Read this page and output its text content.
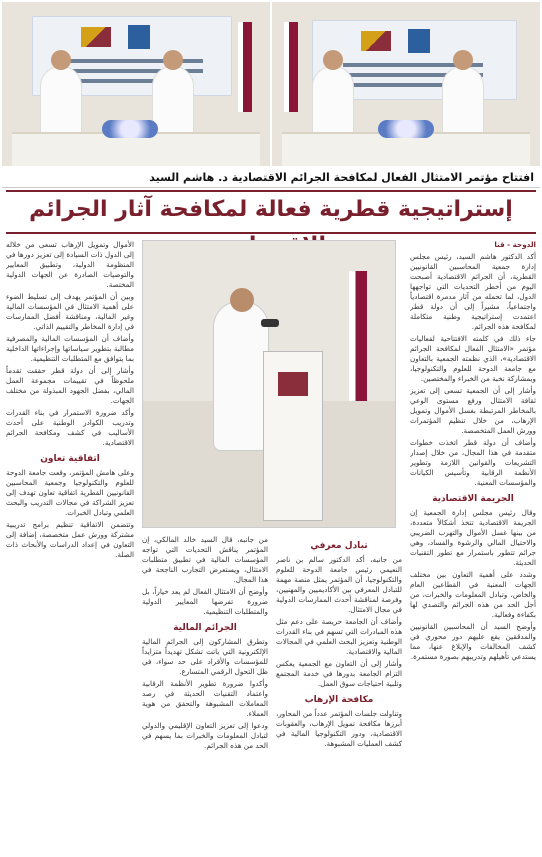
افتتاح مؤتمر الامتثال الفعال لمكافحة الجرائم الاقتصادية د. هاشم السيد
إستراتيجية قطرية فعالة لمكافحة آثار الجرائم

الدوحة - قنا

أكد الدكتور هاشم السيد، رئيس مجلس إدارة جمعية المحاسبين القانونيين القطرية، أن الجرائم الاقتصادية أصبحت اليوم من أخطر التحديات التي تواجهها الدول، لما تحمله من آثار مدمرة اقتصادياً واجتماعياً، مشيراً إلى أن دولة قطر اعتمدت إستراتيجية وطنية متكاملة لمكافحة هذه الجرائم.

جاء ذلك في كلمته الافتتاحية لفعاليات مؤتمر «الامتثال الفعال لمكافحة الجرائم الاقتصادية»، الذي نظمته الجمعية بالتعاون مع جامعة الدوحة للعلوم والتكنولوجيا، وبمشاركة نخبة من الخبراء والمختصين.

وأشار إلى أن الجمعية تسعى إلى تعزيز ثقافة الامتثال ورفع مستوى الوعي بالمخاطر المرتبطة بغسل الأموال وتمويل الإرهاب، من خلال تنظيم المؤتمرات وورش العمل المتخصصة.

وأضاف أن دولة قطر اتخذت خطوات متقدمة في هذا المجال، من خلال إصدار التشريعات والقوانين اللازمة وتطوير الأنظمة الرقابية وتأسيس الكيانات والمؤسسات المعنية.

الجريمة الاقتصادية

وقال رئيس مجلس إدارة الجمعية إن الجريمة الاقتصادية تتخذ أشكالاً متعددة، من بينها غسل الأموال والتهرب الضريبي والاحتيال المالي والرشوة والفساد، وهي جرائم تتطور باستمرار مع تطور التقنيات الحديثة.

وشدد على أهمية التعاون بين مختلف الجهات المعنية في القطاعين العام والخاص، وتبادل المعلومات والخبرات، من أجل الحد من هذه الجرائم والتصدي لها بكفاءة وفعالية.

وأوضح السيد أن المحاسبين القانونيين والمدققين يقع عليهم دور محوري في كشف المخالفات والإبلاغ عنها، مما يستدعي تأهيلهم وتدريبهم بصورة مستمرة.

تبادل معرفي

من جانبه، أكد الدكتور سالم بن ناصر النعيمي رئيس جامعة الدوحة للعلوم والتكنولوجيا، أن المؤتمر يمثل منصة مهمة للتبادل المعرفي بين الأكاديميين والمهنيين، وفرصة لمناقشة أحدث الممارسات الدولية في مجال الامتثال.

وأضاف أن الجامعة حريصة على دعم مثل هذه المبادرات التي تسهم في بناء القدرات الوطنية وتعزيز البحث العلمي في المجالات المالية والاقتصادية.

وأشار إلى أن التعاون مع الجمعية يعكس التزام الجامعة بدورها في خدمة المجتمع وتلبية احتياجات سوق العمل.

مكافحة الإرهاب

وتناولت جلسات المؤتمر عدداً من المحاور، أبرزها مكافحة تمويل الإرهاب، والعقوبات الاقتصادية، ودور التكنولوجيا المالية في كشف العمليات المشبوهة.

من جانبه، قال السيد خالد المالكي، إن المؤتمر يناقش التحديات التي تواجه المؤسسات المالية في تطبيق متطلبات الامتثال، ويستعرض التجارب الناجحة في هذا المجال.

وأوضح أن الامتثال الفعال لم يعد خياراً، بل ضرورة تفرضها المعايير الدولية والمتطلبات التنظيمية.

الجرائم المالية

وتطرق المشاركون إلى الجرائم المالية الإلكترونية التي باتت تشكل تهديداً متزايداً للمؤسسات والأفراد على حد سواء، في ظل التحول الرقمي المتسارع.

وأكدوا ضرورة تطوير الأنظمة الرقابية واعتماد التقنيات الحديثة في رصد المعاملات المشبوهة والتحقق من هوية العملاء.

ودعوا إلى تعزيز التعاون الإقليمي والدولي لتبادل المعلومات والخبرات بما يسهم في الحد من هذه الجرائم.

الأموال وتمويل الإرهاب تسعى من خلاله إلى الدول ذات السيادة إلى تعزيز دورها في المنظومة الدولية، وتطبيق المعايير والتوصيات الصادرة عن الجهات الدولية المختصة.

وبين أن المؤتمر يهدف إلى تسليط الضوء على أهمية الامتثال في المؤسسات المالية وغير المالية، ومناقشة أفضل الممارسات في إدارة المخاطر والتقييم الذاتي.

وأضاف أن المؤسسات المالية والمصرفية مطالبة بتطوير سياساتها وإجراءاتها الداخلية بما يتوافق مع المتطلبات التنظيمية.

وأشار إلى أن دولة قطر حققت تقدماً ملحوظاً في تقييمات مجموعة العمل المالي، بفضل الجهود المبذولة من مختلف الجهات.

وأكد ضرورة الاستمرار في بناء القدرات وتدريب الكوادر الوطنية على أحدث الأساليب في كشف ومكافحة الجرائم الاقتصادية.

اتفاقية تعاون

وعلى هامش المؤتمر، وقعت جامعة الدوحة للعلوم والتكنولوجيا وجمعية المحاسبين القانونيين القطرية اتفاقية تعاون تهدف إلى تعزيز الشراكة في مجالات التدريب والبحث العلمي وتبادل الخبرات.

وتتضمن الاتفاقية تنظيم برامج تدريبية مشتركة وورش عمل متخصصة، إضافة إلى التعاون في إعداد الدراسات والأبحاث ذات الصلة.
